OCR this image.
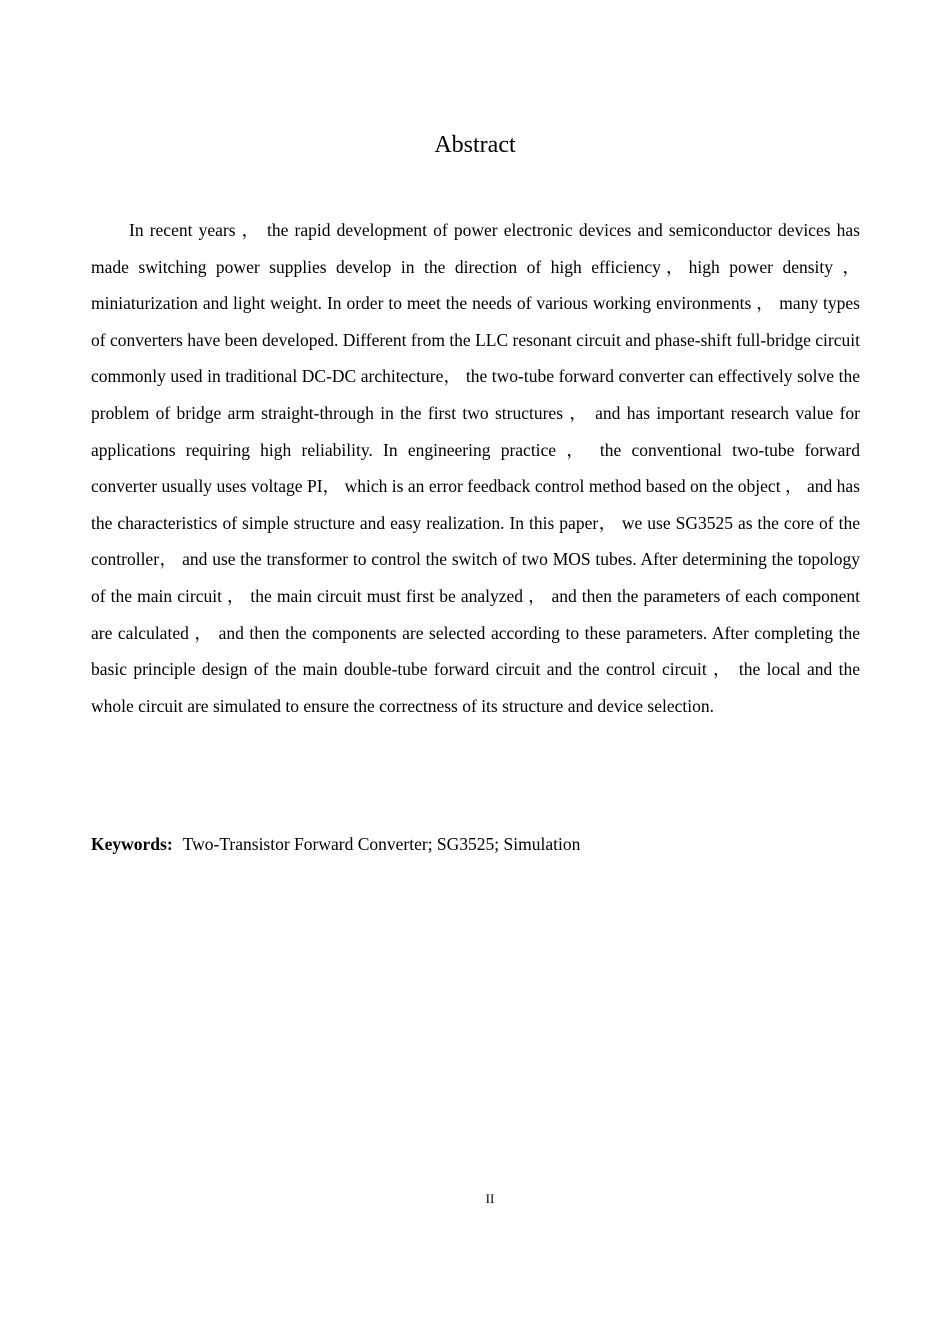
Abstract

In recent years ， the rapid development of power electronic devices and semiconductor devices has made switching power supplies develop in the direction of high efficiency，high power density ， miniaturization and light weight. In order to meet the needs of various working environments ， many types of converters have been developed. Different from the LLC resonant circuit and phase-shift full-bridge circuit commonly used in traditional DC-DC architecture， the two-tube forward converter can effectively solve the problem of bridge arm straight-through in the first two structures ， and has important research value for applications requiring high reliability. In engineering practice ， the conventional two-tube forward converter usually uses voltage PI， which is an error feedback control method based on the object ， and has the characteristics of simple structure and easy realization. In this paper， we use SG3525 as the core of the controller， and use the transformer to control the switch of two MOS tubes. After determining the topology of the main circuit ， the main circuit must first be analyzed ， and then the parameters of each component are calculated ， and then the components are selected according to these parameters. After completing the basic principle design of the main double-tube forward circuit and the control circuit ， the local and the whole circuit are simulated to ensure the correctness of its structure and device selection.

Keywords: Two-Transistor Forward Converter; SG3525; Simulation

II
